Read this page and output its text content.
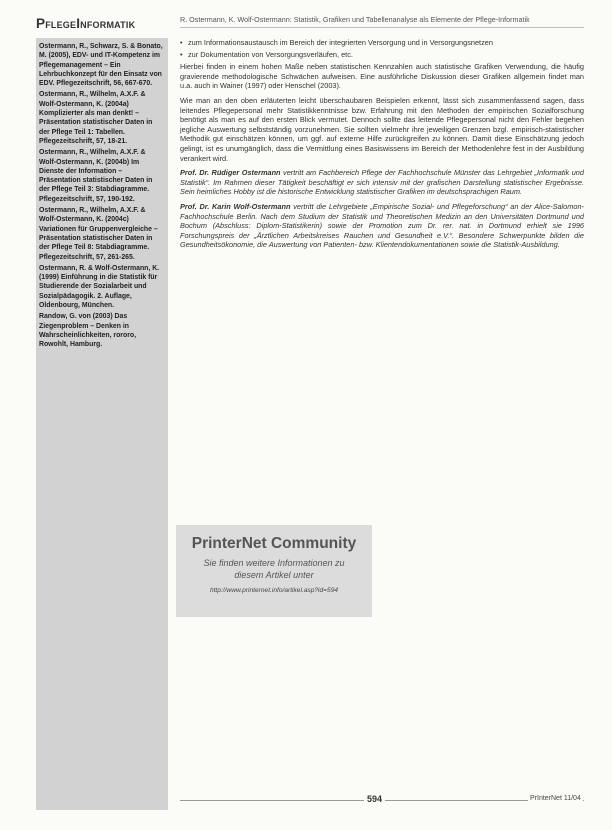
PflegeInformatik	R. Ostermann, K. Wolf-Ostermann: Statistik, Grafiken und Tabellenanalyse als Elemente der Pflege-Informatik
Ostermann, R., Schwarz, S. & Bonato, M. (2005), EDV- und IT-Kompetenz im Pflegemanagement – Ein Lehrbuchkonzept für den Einsatz von EDV. Pflegezeitschrift, 56, 667-670.
Ostermann, R., Wilhelm, A.X.F. & Wolf-Ostermann, K. (2004a) Komplizierter als man denkt! – Präsentation statistischer Daten in der Pflege Teil 1: Tabellen. Pflegezeitschrift, 57, 18-21.
Ostermann, R., Wilhelm, A.X.F. & Wolf-Ostermann, K. (2004b) Im Dienste der Information – Präsentation statistischer Daten in der Pflege Teil 3: Stabdiagramme. Pflegezeitschrift, 57, 190-192.
Ostermann, R., Wilhelm, A.X.F. & Wolf-Ostermann, K. (2004c) Variationen für Gruppenvergleiche – Präsentation statistischer Daten in der Pflege Teil 8: Stabdiagramme. Pflegezeitschrift, 57, 261-265.
Ostermann, R. & Wolf-Ostermann, K. (1999) Einführung in die Statistik für Studierende der Sozialarbeit und Sozialpädagogik. 2. Auflage, Oldenbourg, München.
Randow, G. von (2003) Das Ziegenproblem – Denken in Wahrscheinlichkeiten, rororo, Rowohlt, Hamburg.
• zum Informationsaustausch im Bereich der integrierten Versorgung und in Versorgungsnetzen
• zur Dokumentation von Versorgungsverläufen, etc.

Hierbei finden in einem hohen Maße neben statistischen Kennzahlen auch statistische Grafiken Verwendung, die häufig gravierende methodologische Schwächen aufweisen. Eine ausführliche Diskussion dieser Grafiken allgemein findet man u.a. auch in Wainer (1997) oder Henschel (2003).

Wie man an den oben erläuterten leicht überschaubaren Beispielen erkennt, lässt sich zusammenfassend sagen, dass leitendes Pflegepersonal mehr Statistikkenntnisse bzw. Erfahrung mit den Methoden der empirischen Sozialforschung benötigt als man es auf den ersten Blick vermutet. Dennoch sollte das leitende Pflegepersonal nicht den Fehler begehen jegliche Auswertung selbstständig vorzunehmen. Sie sollten vielmehr ihre jeweiligen Grenzen bzgl. empirisch-statistischer Methodik gut einschätzen können, um ggf. auf externe Hilfe zurückgreifen zu können. Damit diese Einschätzung jedoch gelingt, ist es unumgänglich, dass die Vermittlung eines Basiswissens im Bereich der Methodenlehre fest in der Ausbildung verankert wird.

Prof. Dr. Rüdiger Ostermann vertritt am Fachbereich Pflege der Fachhochschule Münster das Lehrgebiet „Informatik und Statistik“. Im Rahmen dieser Tätigkeit beschäftigt er sich intensiv mit der grafischen Darstellung statistischer Ergebnisse. Sein heimliches Hobby ist die historische Entwicklung statistischer Grafiken im deutschsprachigen Raum.

Prof. Dr. Karin Wolf-Ostermann vertritt die Lehrgebiete „Empirische Sozial- und Pflegeforschung“ an der Alice-Salomon-Fachhochschule Berlin. Nach dem Studium der Statistik und Theoretischen Medizin an den Universitäten Dortmund und Bochum (Abschluss: Diplom-Statistikerin) sowie der Promotion zum Dr. rer. nat. in Dortmund erhielt sie 1996 Forschungspreis der „Ärztlichen Arbeitskreises Rauchen und Gesundheit e.V.“. Besondere Schwerpunkte bilden die Gesundheitsökonomie, die Auswertung von Patienten- bzw. Klientendokumentationen sowie die Statistik-Ausbildung.

PrinterNet Community
Sie finden weitere Informationen zu
diesem Artikel unter
http://www.printernet.info/artikel.asp?id=594
594	PrInterNet 11/04
